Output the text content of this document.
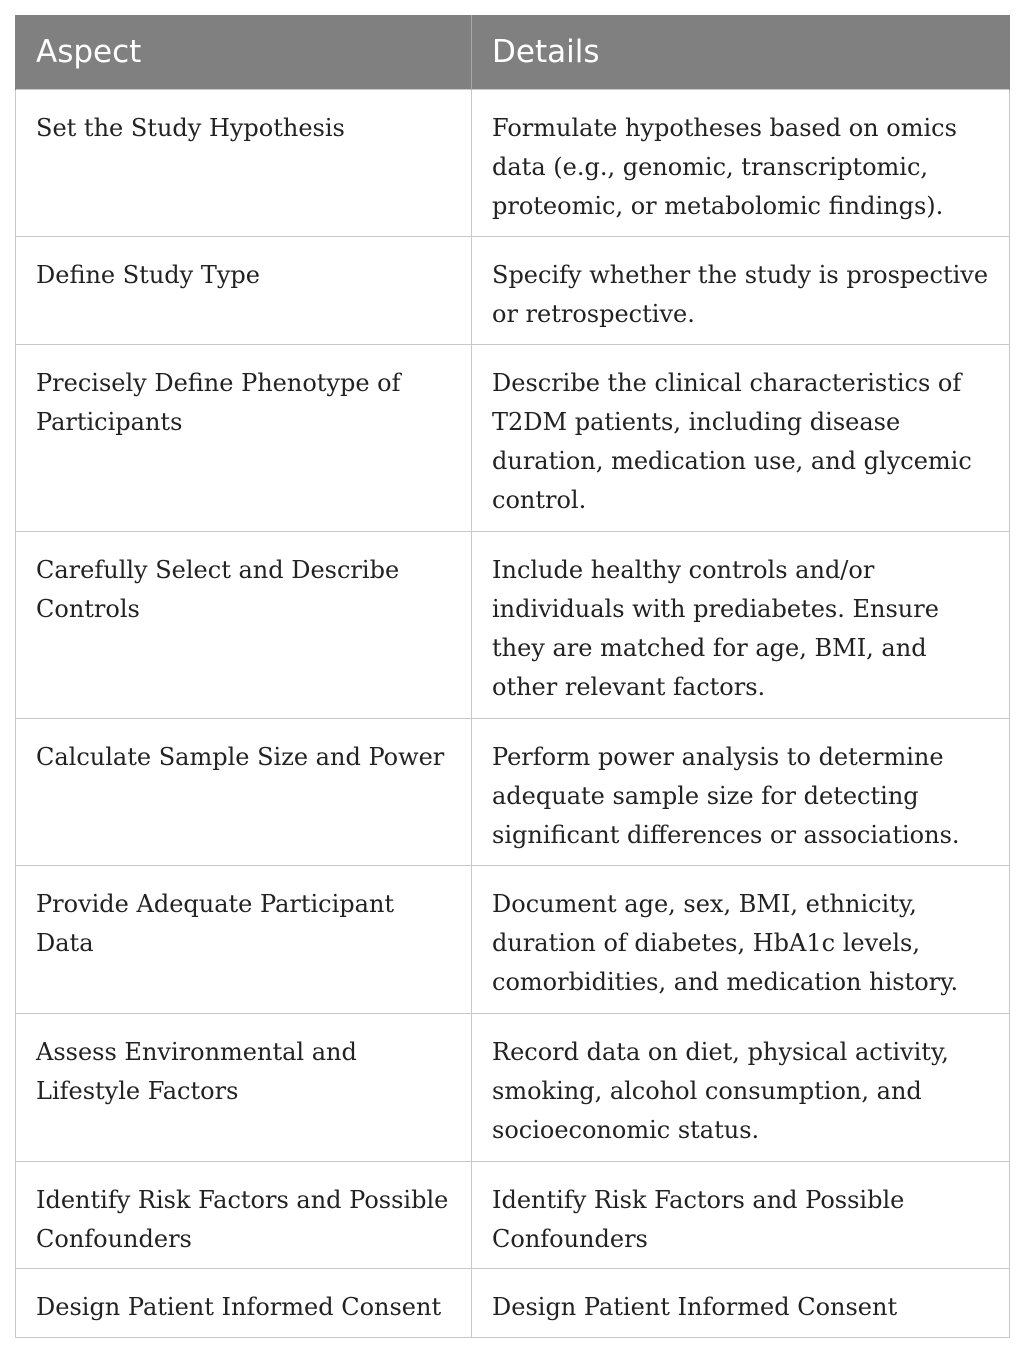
Aspect	Details
Set the Study Hypothesis	Formulate hypotheses based on omics data (e.g., genomic, transcriptomic, proteomic, or metabolomic findings).
Define Study Type	Specify whether the study is prospective or retrospective.
Precisely Define Phenotype of Participants	Describe the clinical characteristics of T2DM patients, including disease duration, medication use, and glycemic control.
Carefully Select and Describe Controls	Include healthy controls and/or individuals with prediabetes. Ensure they are matched for age, BMI, and other relevant factors.
Calculate Sample Size and Power	Perform power analysis to determine adequate sample size for detecting significant differences or associations.
Provide Adequate Participant Data	Document age, sex, BMI, ethnicity, duration of diabetes, HbA1c levels, comorbidities, and medication history.
Assess Environmental and Lifestyle Factors	Record data on diet, physical activity, smoking, alcohol consumption, and socioeconomic status.
Identify Risk Factors and Possible Confounders	Identify Risk Factors and Possible Confounders
Design Patient Informed Consent	Design Patient Informed Consent
